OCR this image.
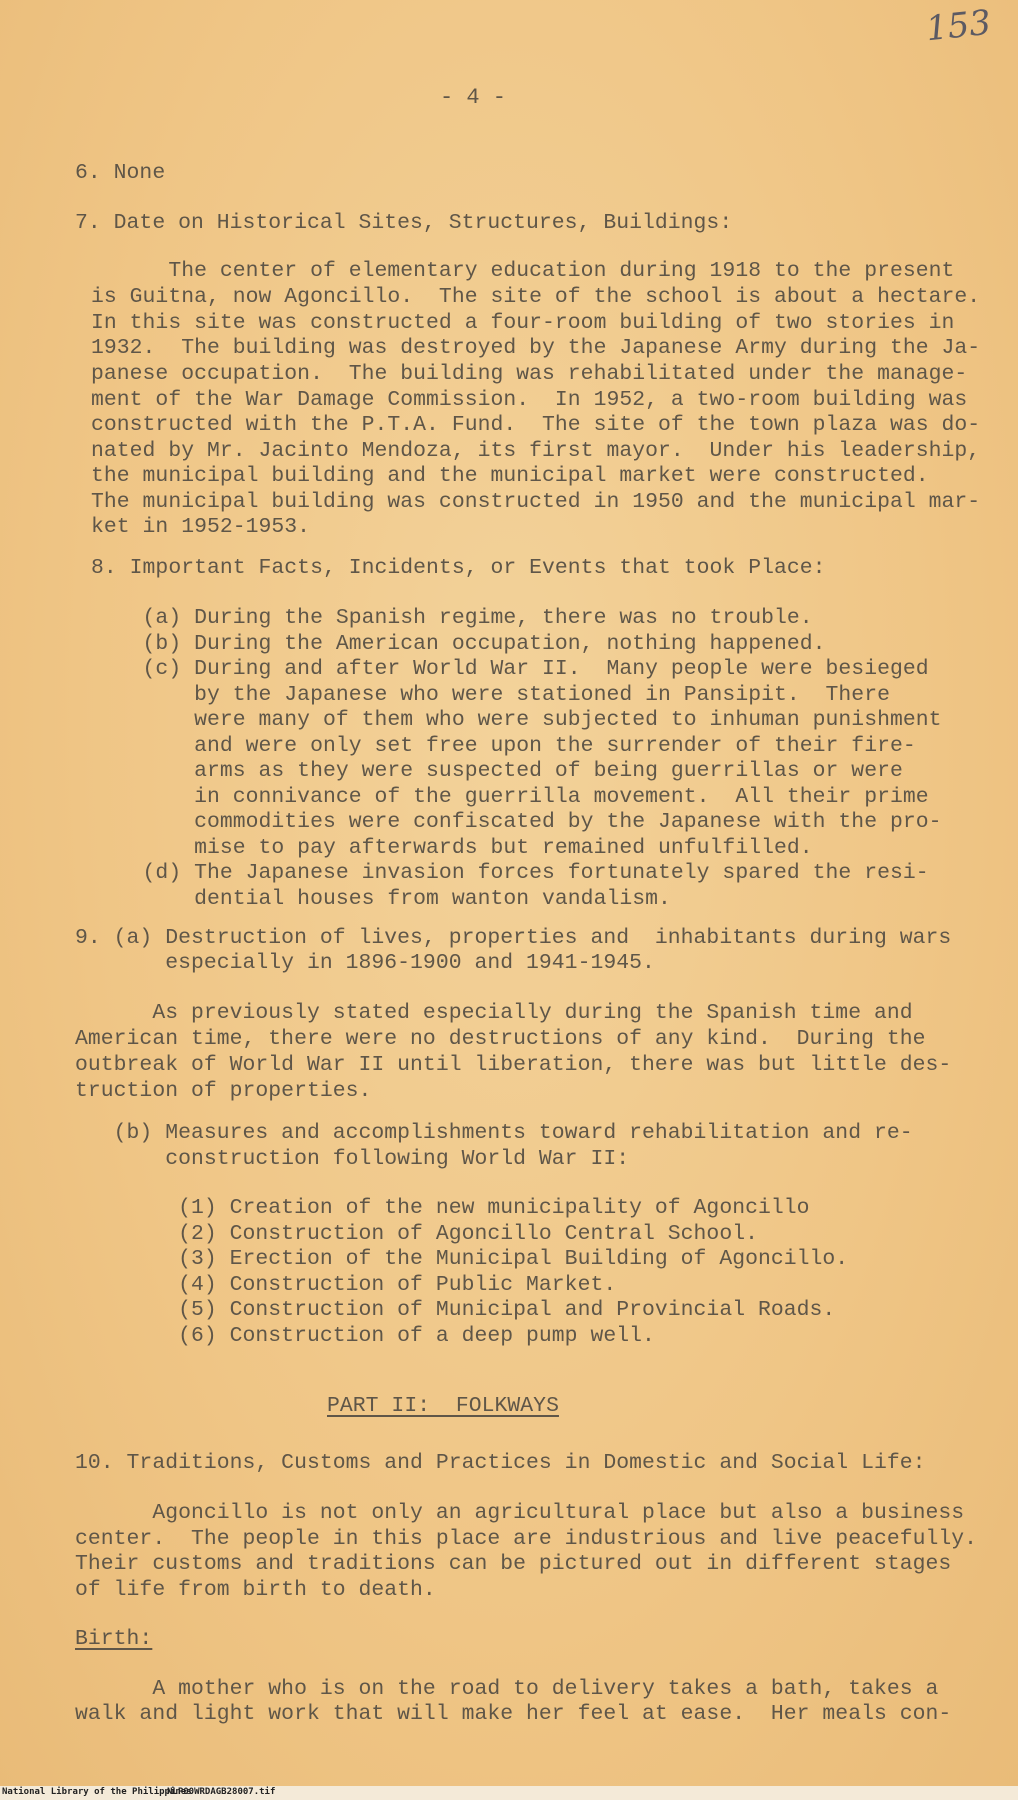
153
- 4 -
6. None
7. Date on Historical Sites, Structures, Buildings:
The center of elementary education during 1918 to the present
is Guitna, now Agoncillo.  The site of the school is about a hectare.
In this site was constructed a four-room building of two stories in
1932.  The building was destroyed by the Japanese Army during the Ja-
panese occupation.  The building was rehabilitated under the manage-
ment of the War Damage Commission.  In 1952, a two-room building was
constructed with the P.T.A. Fund.  The site of the town plaza was do-
nated by Mr. Jacinto Mendoza, its first mayor.  Under his leadership,
the municipal building and the municipal market were constructed.
The municipal building was constructed in 1950 and the municipal mar-
ket in 1952-1953.
8. Important Facts, Incidents, or Events that took Place:
(a) During the Spanish regime, there was no trouble.
(b) During the American occupation, nothing happened.
(c) During and after World War II.  Many people were besieged
by the Japanese who were stationed in Pansipit.  There
were many of them who were subjected to inhuman punishment
and were only set free upon the surrender of their fire-
arms as they were suspected of being guerrillas or were
in connivance of the guerrilla movement.  All their prime
commodities were confiscated by the Japanese with the pro-
mise to pay afterwards but remained unfulfilled.
(d) The Japanese invasion forces fortunately spared the resi-
dential houses from wanton vandalism.
9. (a) Destruction of lives, properties and  inhabitants during wars
especially in 1896-1900 and 1941-1945.
As previously stated especially during the Spanish time and
American time, there were no destructions of any kind.  During the
outbreak of World War II until liberation, there was but little des-
truction of properties.
(b) Measures and accomplishments toward rehabilitation and re-
construction following World War II:
(1) Creation of the new municipality of Agoncillo
(2) Construction of Agoncillo Central School.
(3) Erection of the Municipal Building of Agoncillo.
(4) Construction of Public Market.
(5) Construction of Municipal and Provincial Roads.
(6) Construction of a deep pump well.
PART II:  FOLKWAYS
10. Traditions, Customs and Practices in Domestic and Social Life:
Agoncillo is not only an agricultural place but also a business
center.  The people in this place are industrious and live peacefully.
Their customs and traditions can be pictured out in different stages
of life from birth to death.
Birth:
A mother who is on the road to delivery takes a bath, takes a
walk and light work that will make her feel at ease.  Her meals con-
National Library of the Philippines
NLP00WRDAGB28007.tif
